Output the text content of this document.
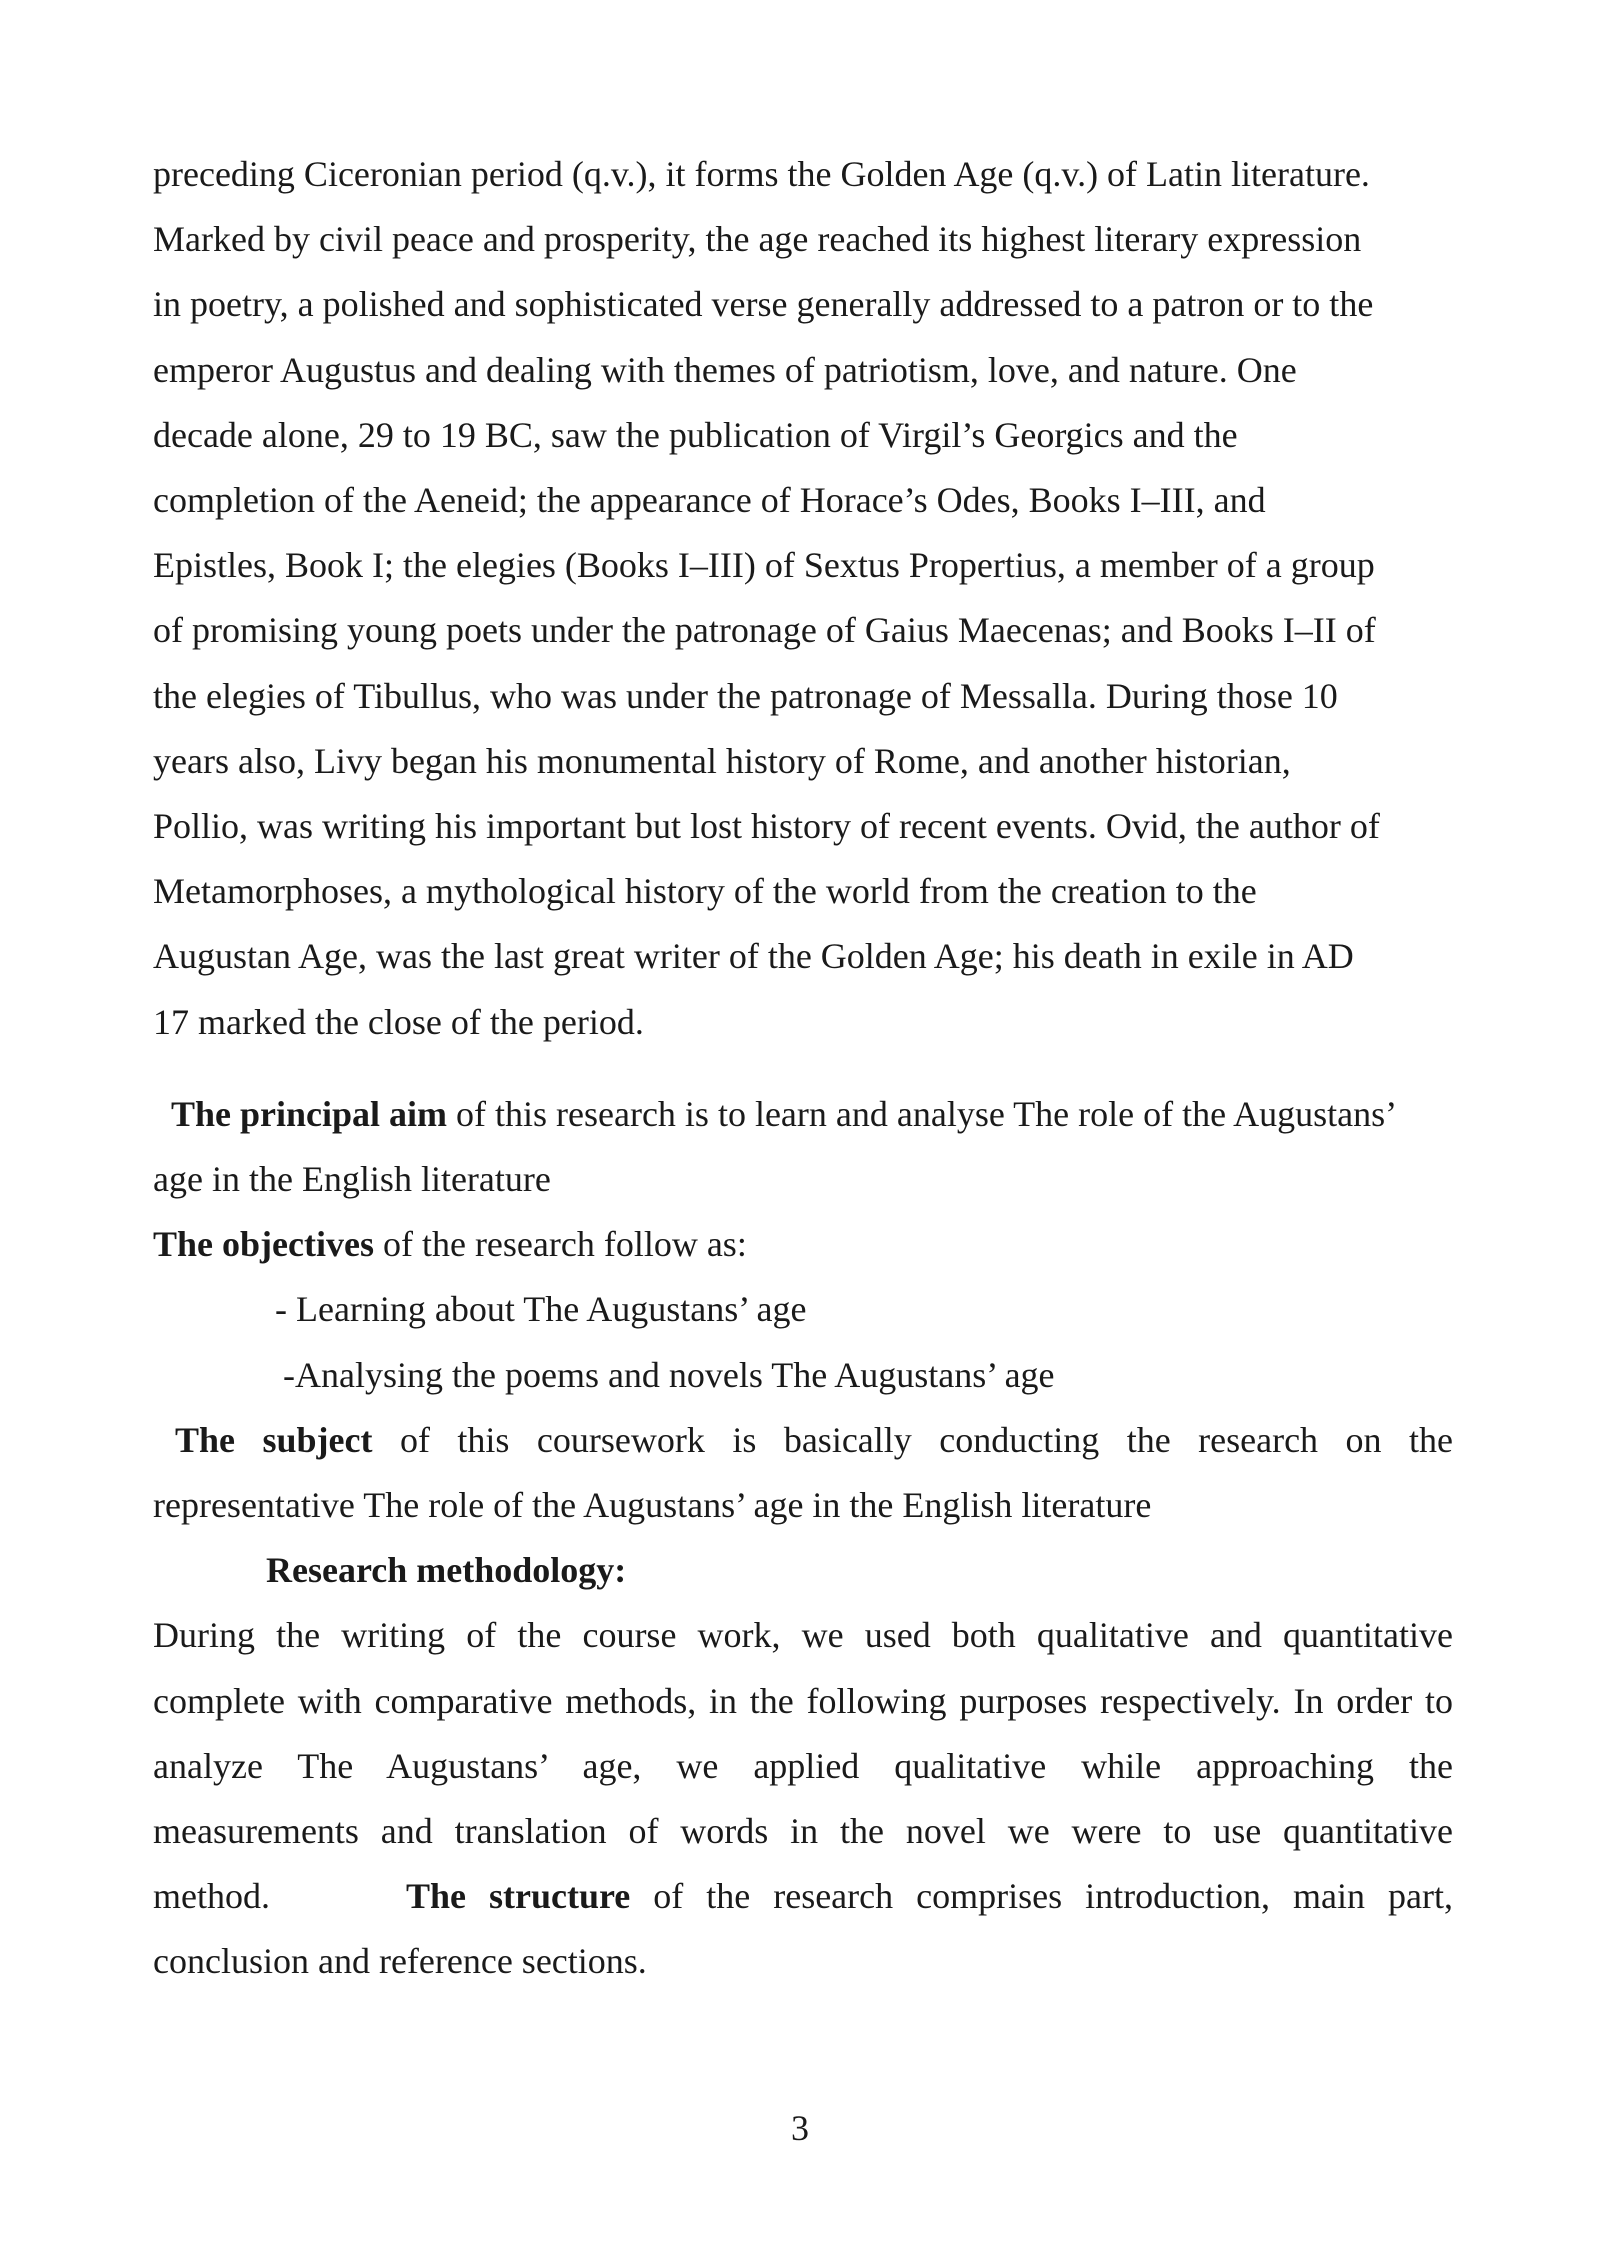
preceding Ciceronian period (q.v.), it forms the Golden Age (q.v.) of Latin literature.
Marked by civil peace and prosperity, the age reached its highest literary expression
in poetry, a polished and sophisticated verse generally addressed to a patron or to the
emperor Augustus and dealing with themes of patriotism, love, and nature. One
decade alone, 29 to 19 BC, saw the publication of Virgil’s Georgics and the
completion of the Aeneid; the appearance of Horace’s Odes, Books I–III, and
Epistles, Book I; the elegies (Books I–III) of Sextus Propertius, a member of a group
of promising young poets under the patronage of Gaius Maecenas; and Books I–II of
the elegies of Tibullus, who was under the patronage of Messalla. During those 10
years also, Livy began his monumental history of Rome, and another historian,
Pollio, was writing his important but lost history of recent events. Ovid, the author of
Metamorphoses, a mythological history of the world from the creation to the
Augustan Age, was the last great writer of the Golden Age; his death in exile in AD
17 marked the close of the period.

The principal aim of this research is to learn and analyse The role of the Augustans’
age in the English literature

The objectives of the research follow as:
- Learning about The Augustans’ age
-Analysing the poems and novels The Augustans’ age

The subject of this coursework is basically conducting the research on the
representative The role of the Augustans’ age in the English literature

Research methodology:
During the writing of the course work, we used both qualitative and quantitative
complete with comparative methods, in the following purposes respectively. In order to
analyze The Augustans’ age, we applied qualitative while approaching the
measurements and translation of words in the novel we were to use quantitative
method.	The structure of the research comprises introduction, main part,
conclusion and reference sections.

3
